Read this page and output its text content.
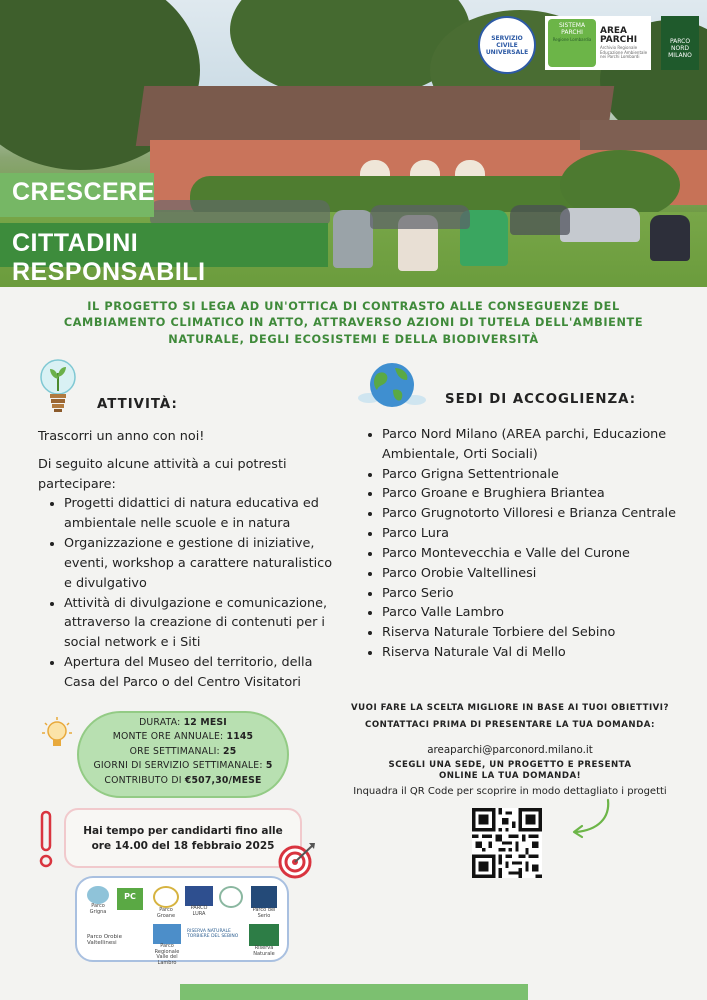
CRESCERE
CITTADINI RESPONSABILI
SERVIZIO CIVILE UNIVERSALE
SISTEMA PARCHI
Regione Lombardia
AREA PARCHI
Archivio Regionale Educazione Ambientale nei Parchi Lombardi
PARCO NORD MILANO
IL PROGETTO SI LEGA AD UN'OTTICA DI CONTRASTO ALLE CONSEGUENZE DEL CAMBIAMENTO CLIMATICO IN ATTO, ATTRAVERSO AZIONI DI TUTELA DELL'AMBIENTE NATURALE, DEGLI ECOSISTEMI E DELLA BIODIVERSITÀ
ATTIVITÀ:	SEDI DI ACCOGLIENZA:

Trascorri un anno con noi!

Di seguito alcune attività a cui potresti partecipare:

• Progetti didattici di natura educativa ed ambientale nelle scuole e in natura
• Organizzazione e gestione di iniziative, eventi, workshop a carattere naturalistico e divulgativo
• Attività di divulgazione e comunicazione, attraverso la creazione di contenuti per i social network e i Siti
• Apertura del Museo del territorio, della Casa del Parco o del Centro Visitatori
• Parco Nord Milano (AREA parchi, Educazione Ambientale, Orti Sociali)
• Parco Grigna Settentrionale
• Parco Groane e Brughiera Briantea
• Parco Grugnotorto Villoresi e Brianza Centrale
• Parco Lura
• Parco Montevecchia e Valle del Curone
• Parco Orobie Valtellinesi
• Parco Serio
• Parco Valle Lambro
• Riserva Naturale Torbiere del Sebino
• Riserva Naturale Val di Mello
DURATA: 12 MESI
MONTE ORE ANNUALE: 1145
ORE SETTIMANALI: 25
GIORNI DI SERVIZIO SETTIMANALE: 5
CONTRIBUTO DI €507,30/MESE
Hai tempo per candidarti fino alle ore 14.00 del 18 febbraio 2025
Parco Grigna
PC
Parco Groane
PARCO LURA
Parco del Serio
Parco Orobie Valtellinesi	Parco Regionale Valle del Lambro
RISERVA NATURALE TORBIERE DEL SEBINO
Riserva Naturale
VUOI FARE LA SCELTA MIGLIORE IN BASE AI TUOI OBIETTIVI?
CONTATTACI PRIMA DI PRESENTARE LA TUA DOMANDA:
areaparchi@parconord.milano.it
SCEGLI UNA SEDE, UN PROGETTO E PRESENTA ONLINE LA TUA DOMANDA!
Inquadra il QR Code per scoprire in modo dettagliato i progetti
